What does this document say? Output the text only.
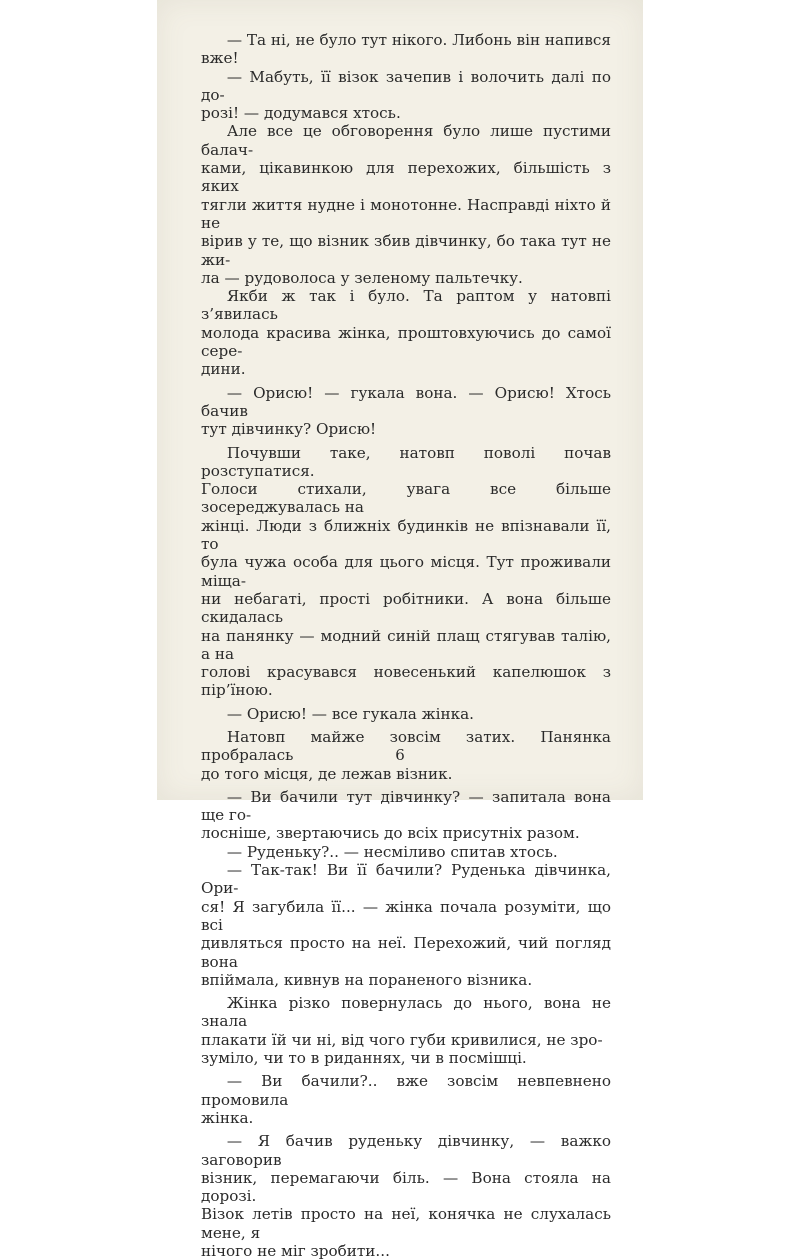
— Та ні, не було тут нікого. Либонь він напився вже!

— Мабуть, її візок зачепив і волочить далі по до-
розі! — додумався хтось.

Але все це обговорення було лише пустими балач-
ками, цікавинкою для перехожих, більшість з яких
тягли життя нудне і монотонне. Насправді ніхто й не
вірив у те, що візник збив дівчинку, бо така тут не жи-
ла — рудоволоса у зеленому пальтечку.

Якби ж так і було. Та раптом у натовпі з’явилась
молода красива жінка, проштовхуючись до самої сере-
дини.

— Орисю! — гукала вона. — Орисю! Хтось бачив
тут дівчинку? Орисю!

Почувши таке, натовп поволі почав розступатися.
Голоси стихали, увага все більше зосереджувалась на
жінці. Люди з ближніх будинків не впізнавали її, то
була чужа особа для цього місця. Тут проживали міща-
ни небагаті, прості робітники. А вона більше скидалась
на панянку — модний синій плащ стягував талію, а на
голові красувався новесенький капелюшок з пір’їною.

— Орисю! — все гукала жінка.

Натовп майже зовсім затих. Панянка пробралась
до того місця, де лежав візник.

— Ви бачили тут дівчинку? — запитала вона ще го-
лосніше, звертаючись до всіх присутніх разом.

— Руденьку?.. — несміливо спитав хтось.

— Так-так! Ви її бачили? Руденька дівчинка, Ори-
ся! Я загубила її... — жінка почала розуміти, що всі
дивляться просто на неї. Перехожий, чий погляд вона
впіймала, кивнув на пораненого візника.

Жінка різко повернулась до нього, вона не знала
плакати їй чи ні, від чого губи кривилися, не зро-
зуміло, чи то в риданнях, чи в посмішці.

— Ви бачили?.. вже зовсім невпевнено промовила
жінка.

— Я бачив руденьку дівчинку, — важко заговорив
візник, перемагаючи біль. — Вона стояла на дорозі.
Візок летів просто на неї, конячка не слухалась мене, я
нічого не міг зробити...

6
